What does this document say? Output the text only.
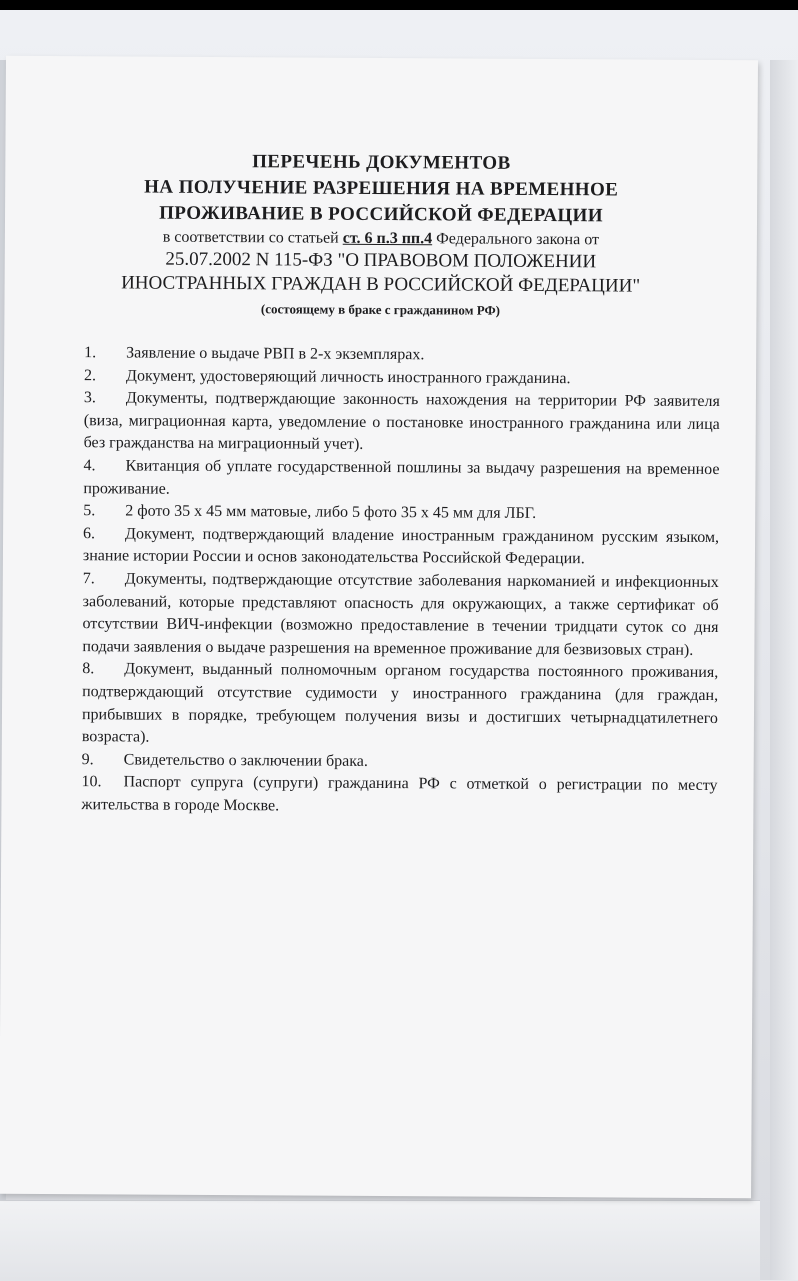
ПЕРЕЧЕНЬ ДОКУМЕНТОВ

НА ПОЛУЧЕНИЕ РАЗРЕШЕНИЯ НА ВРЕМЕННОЕ

ПРОЖИВАНИЕ В РОССИЙСКОЙ ФЕДЕРАЦИИ

в соответствии со статьей ст. 6 п.3 пп.4 Федерального закона от

25.07.2002 N 115-ФЗ "О ПРАВОВОМ ПОЛОЖЕНИИ

ИНОСТРАННЫХ ГРАЖДАН В РОССИЙСКОЙ ФЕДЕРАЦИИ"

(состоящему в браке с гражданином РФ)

1. Заявление о выдаче РВП в 2-х экземплярах.

2. Документ, удостоверяющий личность иностранного гражданина.

3. Документы, подтверждающие законность нахождения на территории РФ заявителя (виза, миграционная карта, уведомление о постановке иностранного гражданина или лица без гражданства на миграционный учет).

4. Квитанция об уплате государственной пошлины за выдачу разрешения на временное проживание.

5. 2 фото 35 х 45 мм матовые, либо 5 фото 35 х 45 мм для ЛБГ.

6. Документ, подтверждающий владение иностранным гражданином русским языком, знание истории России и основ законодательства Российской Федерации.

7. Документы, подтверждающие отсутствие заболевания наркоманией и инфекционных заболеваний, которые представляют опасность для окружающих, а также сертификат об отсутствии ВИЧ-инфекции (возможно предоставление в течении тридцати суток со дня подачи заявления о выдаче разрешения на временное проживание для безвизовых стран).

8. Документ, выданный полномочным органом государства постоянного проживания, подтверждающий отсутствие судимости у иностранного гражданина (для граждан, прибывших в порядке, требующем получения визы и достигших четырнадцатилетнего возраста).

9. Свидетельство о заключении брака.

10. Паспорт супруга (супруги) гражданина РФ с отметкой о регистрации по месту жительства в городе Москве.
